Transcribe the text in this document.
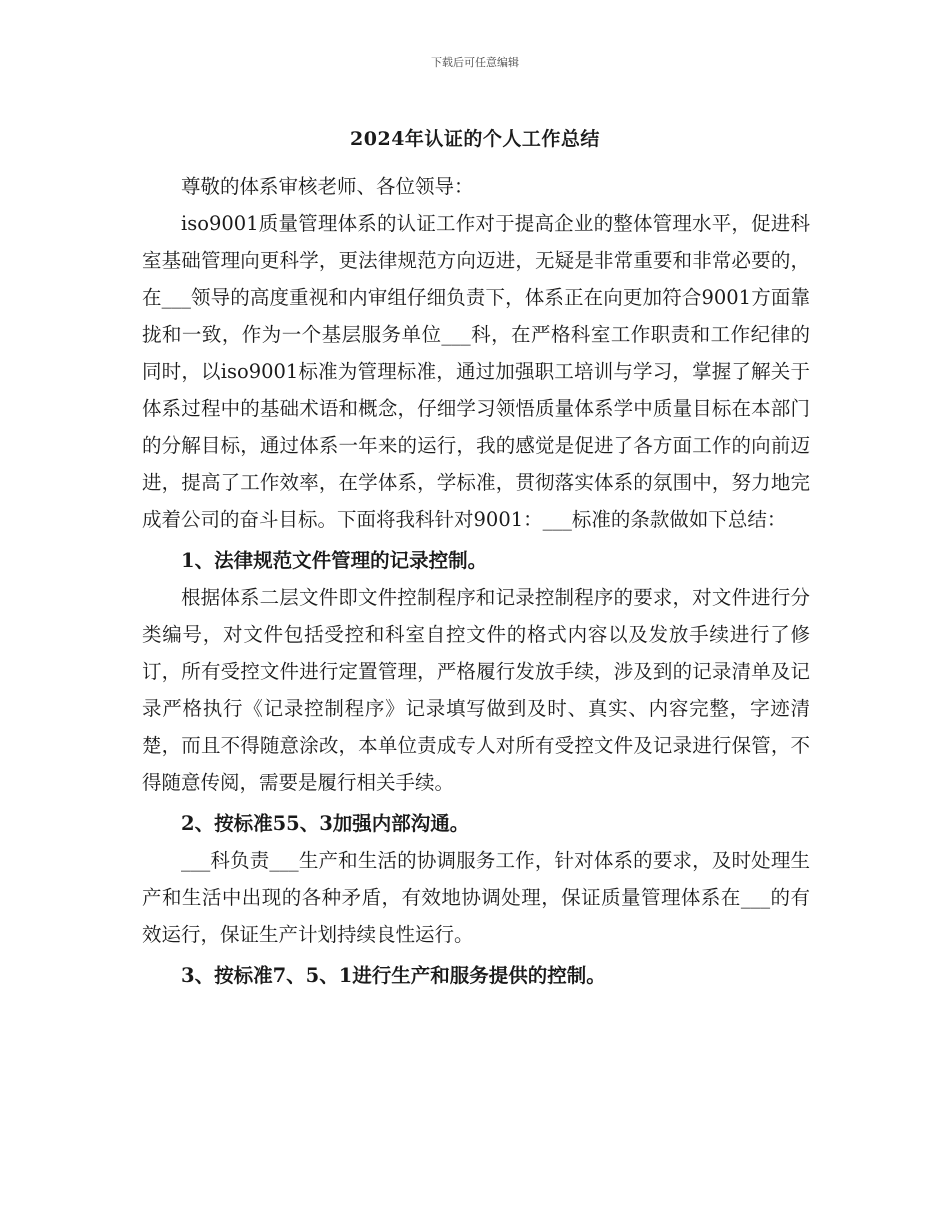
下载后可任意编辑
2024年认证的个人工作总结

尊敬的体系审核老师、各位领导：

iso9001质量管理体系的认证工作对于提高企业的整体管理水平，促进科室基础管理向更科学，更法律规范方向迈进，无疑是非常重要和非常必要的，在___领导的高度重视和内审组仔细负责下，体系正在向更加符合9001方面靠拢和一致，作为一个基层服务单位___科，在严格科室工作职责和工作纪律的同时，以iso9001标准为管理标准，通过加强职工培训与学习，掌握了解关于体系过程中的基础术语和概念，仔细学习领悟质量体系学中质量目标在本部门的分解目标，通过体系一年来的运行，我的感觉是促进了各方面工作的向前迈进，提高了工作效率，在学体系，学标准，贯彻落实体系的氛围中，努力地完成着公司的奋斗目标。下面将我科针对9001：___标准的条款做如下总结：

1、法律规范文件管理的记录控制。

根据体系二层文件即文件控制程序和记录控制程序的要求，对文件进行分类编号，对文件包括受控和科室自控文件的格式内容以及发放手续进行了修订，所有受控文件进行定置管理，严格履行发放手续，涉及到的记录清单及记录严格执行《记录控制程序》记录填写做到及时、真实、内容完整，字迹清楚，而且不得随意涂改，本单位责成专人对所有受控文件及记录进行保管，不得随意传阅，需要是履行相关手续。

2、按标准55、3加强内部沟通。

___科负责___生产和生活的协调服务工作，针对体系的要求，及时处理生产和生活中出现的各种矛盾，有效地协调处理，保证质量管理体系在___的有效运行，保证生产计划持续良性运行。

3、按标准7、5、1进行生产和服务提供的控制。
